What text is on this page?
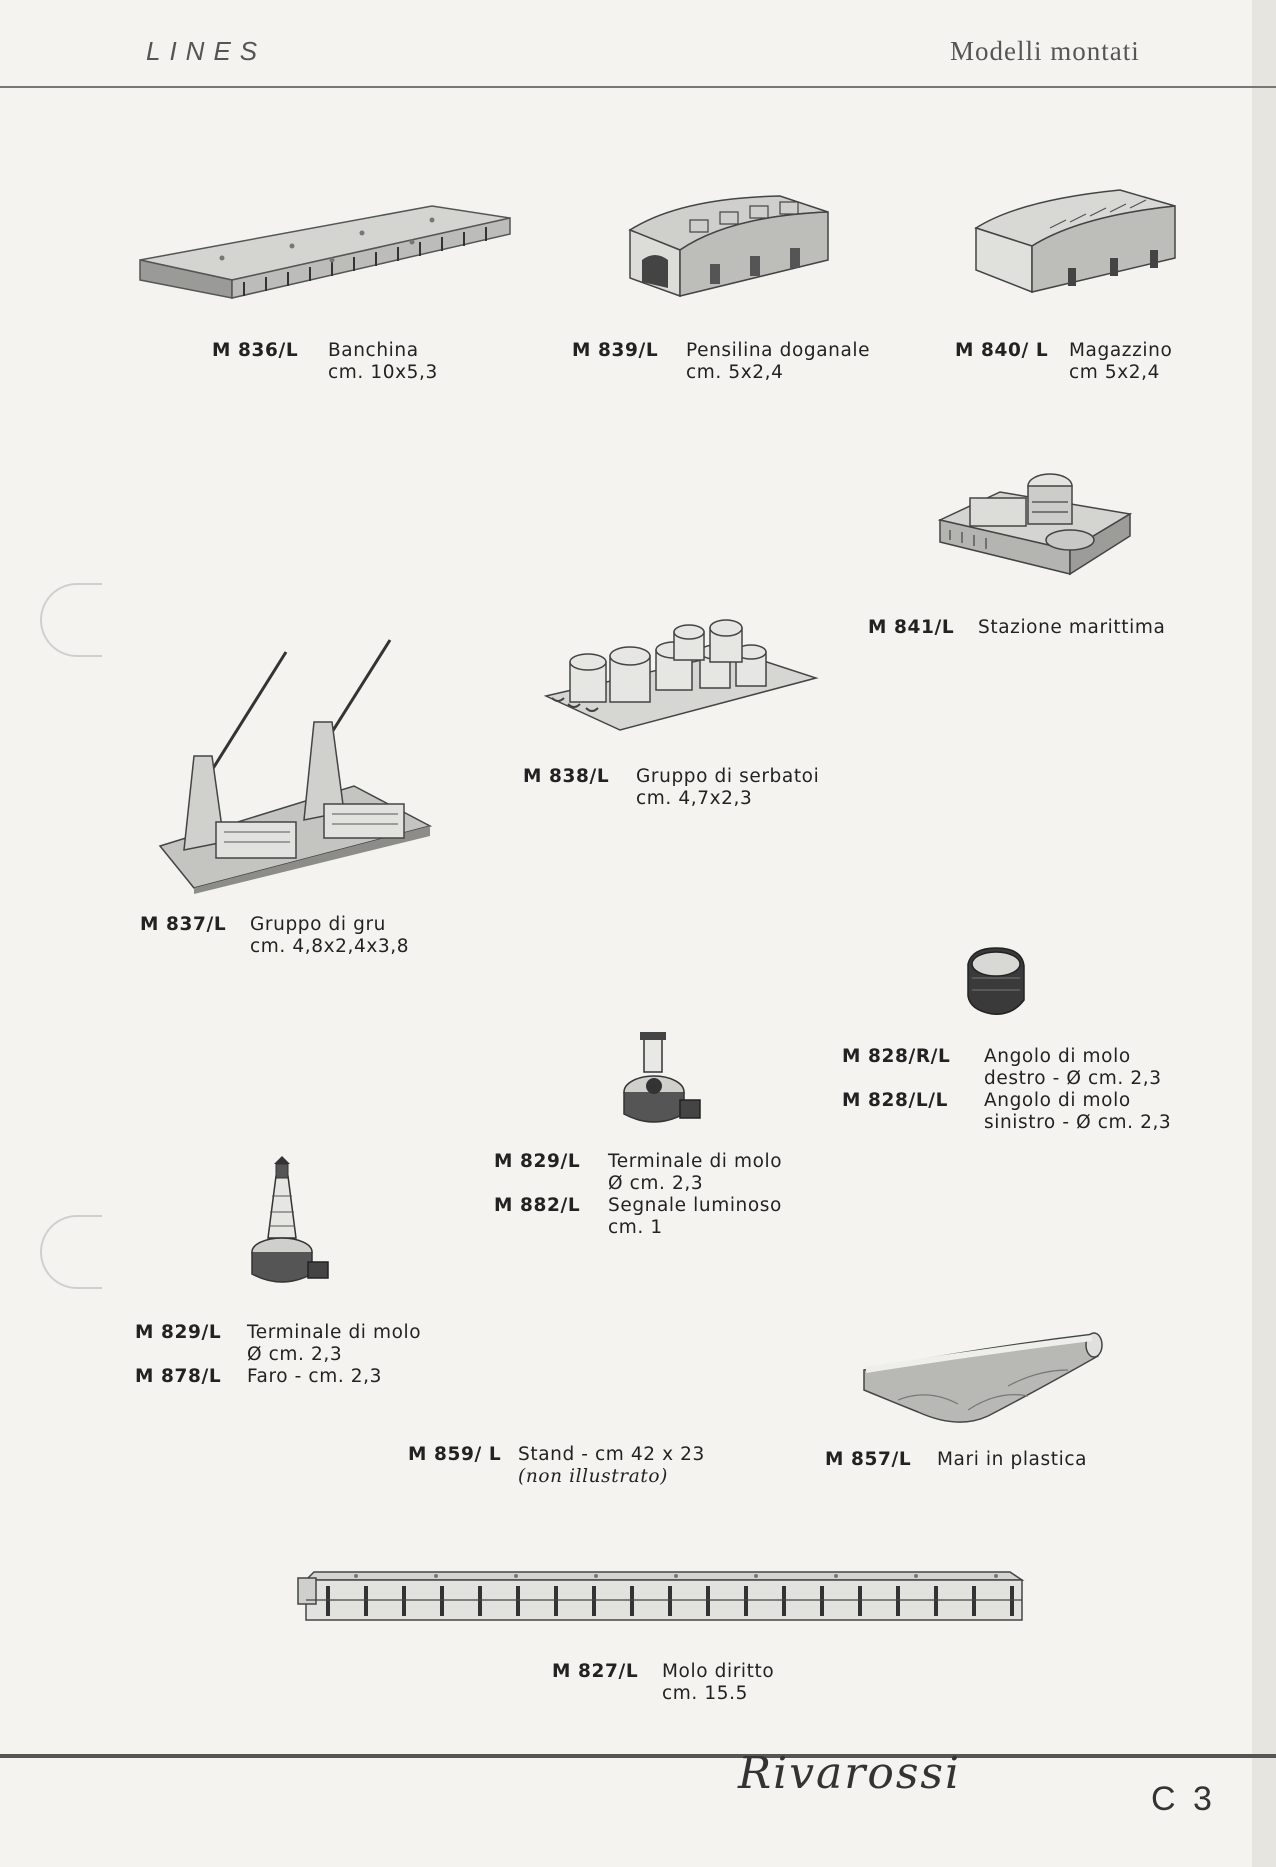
LINES	Modelli montati
M 836/L Banchina
cm. 10x5,3
M 839/L Pensilina doganale
cm. 5x2,4
M 840/ L Magazzino
cm 5x2,4
M 841/L Stazione marittima
M 838/L Gruppo di serbatoi
cm. 4,7x2,3
M 837/L Gruppo di gru
cm. 4,8x2,4x3,8
M 828/R/L Angolo di molo
destro - Ø cm. 2,3
M 828/L/L Angolo di molo
sinistro - Ø cm. 2,3
M 829/L Terminale di molo
Ø cm. 2,3
M 882/L Segnale luminoso
cm. 1
M 829/L Terminale di molo
Ø cm. 2,3
M 878/L Faro - cm. 2,3
M 859/ L Stand - cm 42 x 23
(non illustrato)
M 857/L Mari in plastica
M 827/L Molo diritto
cm. 15.5
Rivarossi	C 3
